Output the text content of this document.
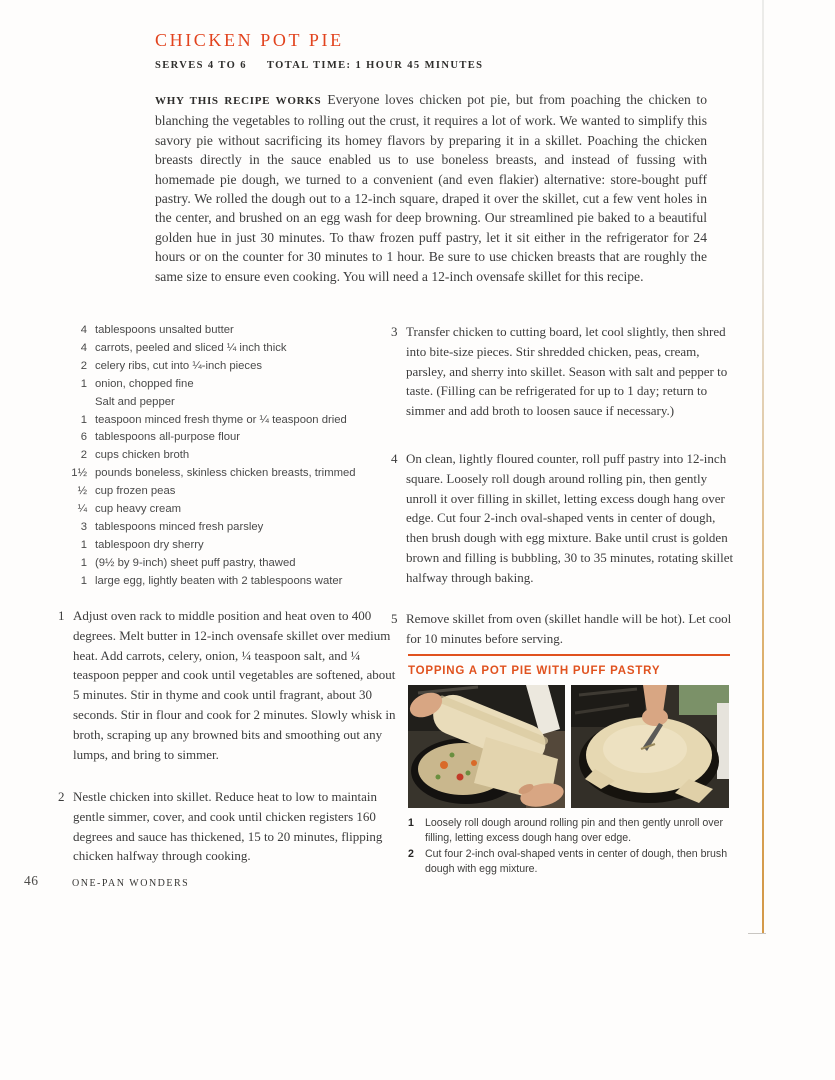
CHICKEN POT PIE
SERVES 4 TO 6 TOTAL TIME: 1 HOUR 45 MINUTES

WHY THIS RECIPE WORKS Everyone loves chicken pot pie, but from poaching the chicken to blanching the vegetables to rolling out the crust, it requires a lot of work. We wanted to simplify this savory pie without sacrificing its homey flavors by preparing it in a skillet. Poaching the chicken breasts directly in the sauce enabled us to use boneless breasts, and instead of fussing with homemade pie dough, we turned to a convenient (and even flakier) alternative: store-bought puff pastry. We rolled the dough out to a 12-inch square, draped it over the skillet, cut a few vent holes in the center, and brushed on an egg wash for deep browning. Our streamlined pie baked to a beautiful golden hue in just 30 minutes. To thaw frozen puff pastry, let it sit either in the refrigerator for 24 hours or on the counter for 30 minutes to 1 hour. Be sure to use chicken breasts that are roughly the same size to ensure even cooking. You will need a 12-inch ovensafe skillet for this recipe.

4 tablespoons unsalted butter
4 carrots, peeled and sliced ¼ inch thick
2 celery ribs, cut into ¼-inch pieces
1 onion, chopped fine
Salt and pepper
1 teaspoon minced fresh thyme or ¼ teaspoon dried
6 tablespoons all-purpose flour
2 cups chicken broth
1½ pounds boneless, skinless chicken breasts, trimmed
½ cup frozen peas
¼ cup heavy cream
3 tablespoons minced fresh parsley
1 tablespoon dry sherry
1 (9½ by 9-inch) sheet puff pastry, thawed
1 large egg, lightly beaten with 2 tablespoons water
1 Adjust oven rack to middle position and heat oven to 400 degrees. Melt butter in 12-inch ovensafe skillet over medium heat. Add carrots, celery, onion, ¼ teaspoon salt, and ¼ teaspoon pepper and cook until vegetables are softened, about 5 minutes. Stir in thyme and cook until fragrant, about 30 seconds. Stir in flour and cook for 2 minutes. Slowly whisk in broth, scraping up any browned bits and smoothing out any lumps, and bring to simmer.
2 Nestle chicken into skillet. Reduce heat to low to maintain gentle simmer, cover, and cook until chicken registers 160 degrees and sauce has thickened, 15 to 20 minutes, flipping chicken halfway through cooking.
3 Transfer chicken to cutting board, let cool slightly, then shred into bite-size pieces. Stir shredded chicken, peas, cream, parsley, and sherry into skillet. Season with salt and pepper to taste. (Filling can be refrigerated for up to 1 day; return to simmer and add broth to loosen sauce if necessary.)
4 On clean, lightly floured counter, roll puff pastry into 12-inch square. Loosely roll dough around rolling pin, then gently unroll it over filling in skillet, letting excess dough hang over edge. Cut four 2-inch oval-shaped vents in center of dough, then brush dough with egg mixture. Bake until crust is golden brown and filling is bubbling, 30 to 35 minutes, rotating skillet halfway through baking.
5 Remove skillet from oven (skillet handle will be hot). Let cool for 10 minutes before serving.
TOPPING A POT PIE WITH PUFF PASTRY
1	Loosely roll dough around rolling pin and then gently unroll over filling, letting excess dough hang over edge.
2	Cut four 2-inch oval-shaped vents in center of dough, then brush dough with egg mixture.
46	ONE-PAN WONDERS
